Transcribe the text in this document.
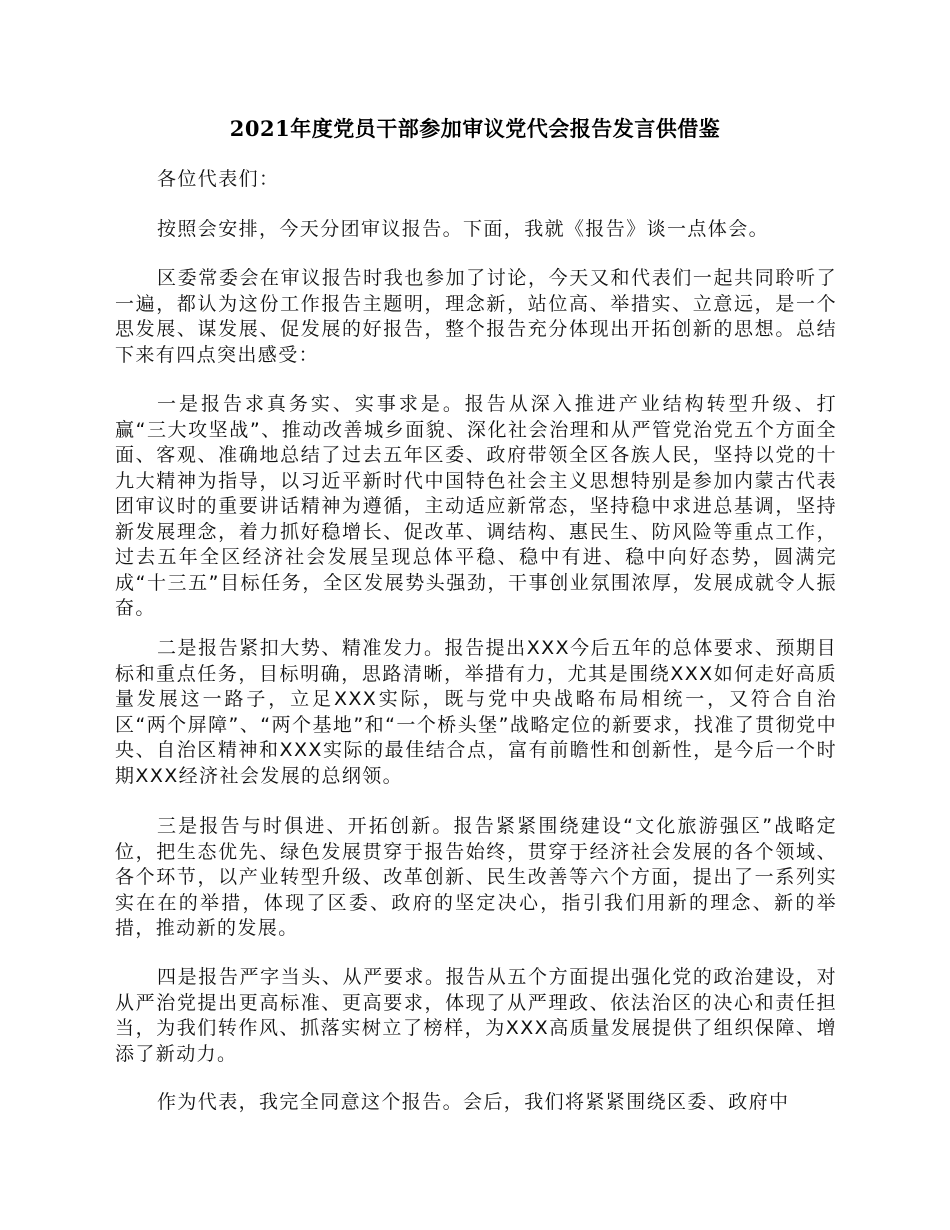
2021年度党员干部参加审议党代会报告发言供借鉴

各位代表们：

按照会安排，今天分团审议报告。下面，我就《报告》谈一点体会。

区委常委会在审议报告时我也参加了讨论，今天又和代表们一起共同聆听了一遍，都认为这份工作报告主题明，理念新，站位高、举措实、立意远，是一个思发展、谋发展、促发展的好报告，整个报告充分体现出开拓创新的思想。总结下来有四点突出感受：

一是报告求真务实、实事求是。报告从深入推进产业结构转型升级、打赢“三大攻坚战”、推动改善城乡面貌、深化社会治理和从严管党治党五个方面全面、客观、准确地总结了过去五年区委、政府带领全区各族人民，坚持以党的十九大精神为指导，以习近平新时代中国特色社会主义思想特别是参加内蒙古代表团审议时的重要讲话精神为遵循，主动适应新常态，坚持稳中求进总基调，坚持新发展理念，着力抓好稳增长、促改革、调结构、惠民生、防风险等重点工作，过去五年全区经济社会发展呈现总体平稳、稳中有进、稳中向好态势，圆满完成“十三五”目标任务，全区发展势头强劲，干事创业氛围浓厚，发展成就令人振奋。

二是报告紧扣大势、精准发力。报告提出XXX今后五年的总体要求、预期目标和重点任务，目标明确，思路清晰，举措有力，尤其是围绕XXX如何走好高质量发展这一路子，立足XXX实际，既与党中央战略布局相统一，又符合自治区“两个屏障”、“两个基地”和“一个桥头堡”战略定位的新要求，找准了贯彻党中央、自治区精神和XXX实际的最佳结合点，富有前瞻性和创新性，是今后一个时期XXX经济社会发展的总纲领。

三是报告与时俱进、开拓创新。报告紧紧围绕建设“文化旅游强区”战略定位，把生态优先、绿色发展贯穿于报告始终，贯穿于经济社会发展的各个领域、各个环节，以产业转型升级、改革创新、民生改善等六个方面，提出了一系列实实在在的举措，体现了区委、政府的坚定决心，指引我们用新的理念、新的举措，推动新的发展。

四是报告严字当头、从严要求。报告从五个方面提出强化党的政治建设，对从严治党提出更高标准、更高要求，体现了从严理政、依法治区的决心和责任担当，为我们转作风、抓落实树立了榜样，为XXX高质量发展提供了组织保障、增添了新动力。

作为代表，我完全同意这个报告。会后，我们将紧紧围绕区委、政府中
